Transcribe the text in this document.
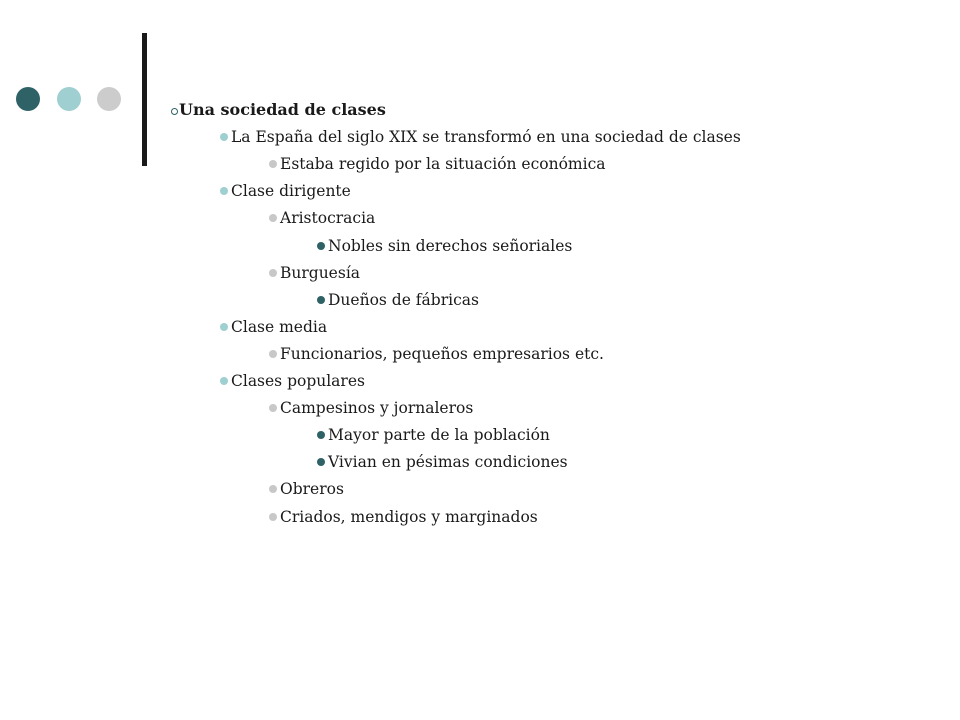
Una sociedad de clases
La España del siglo XIX se transformó en una sociedad de clases
Estaba regido por la situación económica
Clase dirigente
Aristocracia
Nobles sin derechos señoriales
Burguesía
Dueños de fábricas
Clase media
Funcionarios, pequeños empresarios etc.
Clases populares
Campesinos y jornaleros
Mayor parte de la población
Vivian en pésimas condiciones
Obreros
Criados, mendigos y marginados
